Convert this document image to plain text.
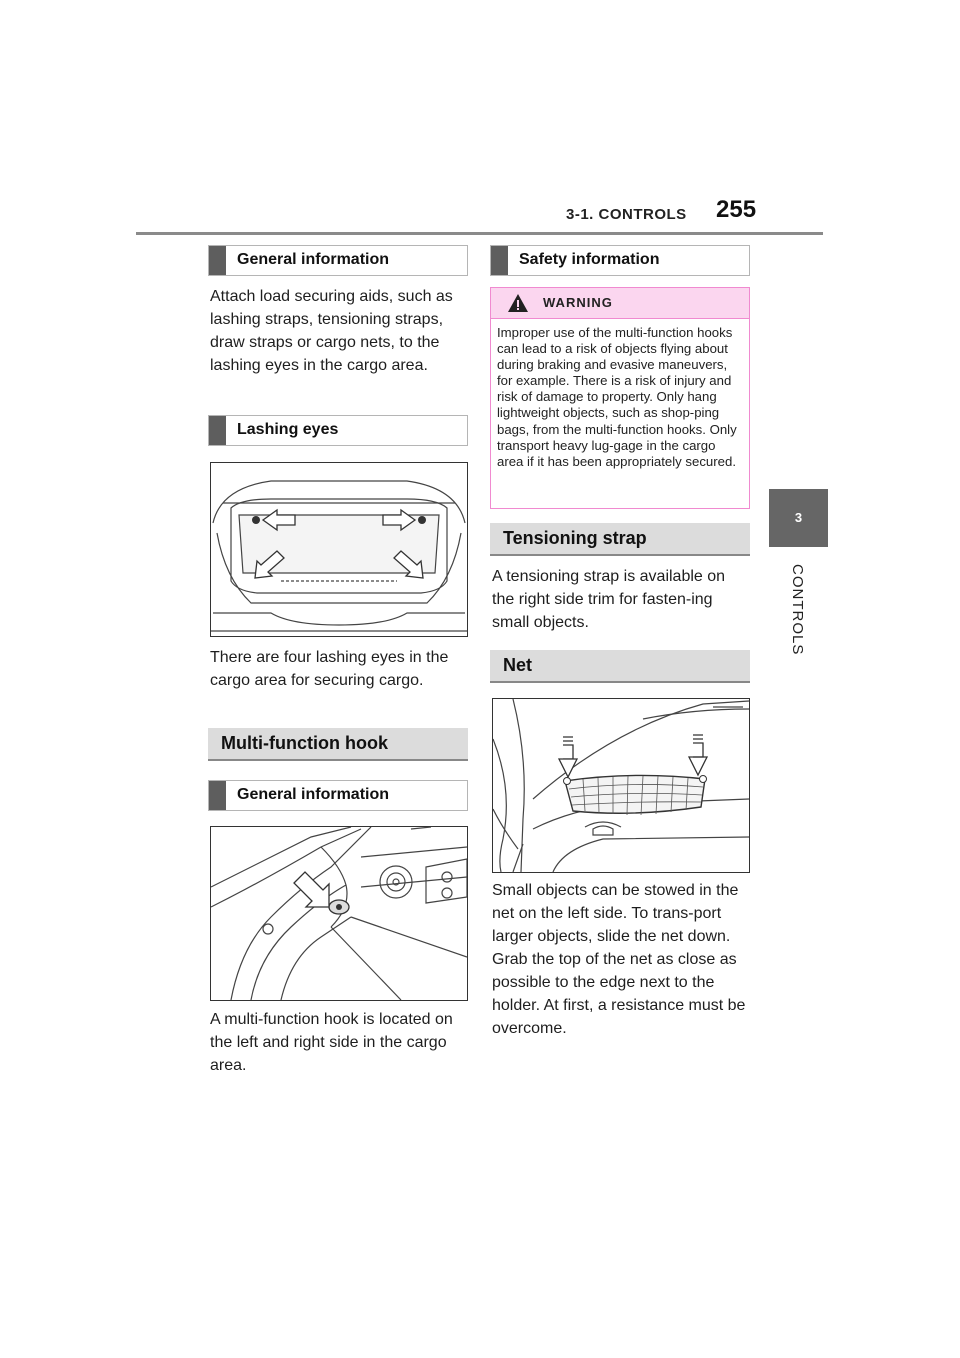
3-1. CONTROLS 255
3
CONTROLS
General information

Attach load securing aids, such as lashing straps, tensioning straps, draw straps or cargo nets, to the lashing eyes in the cargo area.

Lashing eyes

There are four lashing eyes in the cargo area for securing cargo.

Multi-function hook
General information

A multi-function hook is located on the left and right side in the cargo area.

Safety information
WARNING
Improper use of the multi-function hooks can lead to a risk of objects flying about during braking and evasive maneuvers, for example. There is a risk of injury and risk of damage to property. Only hang lightweight objects, such as shop-ping bags, from the multi-function hooks. Only transport heavy lug-gage in the cargo area if it has been appropriately secured.
Tensioning strap

A tensioning strap is available on the right side trim for fasten-ing small objects.

Net

Small objects can be stowed in the net on the left side. To trans-port larger objects, slide the net down. Grab the top of the net as close as possible to the edge next to the holder. At first, a resistance must be overcome.
